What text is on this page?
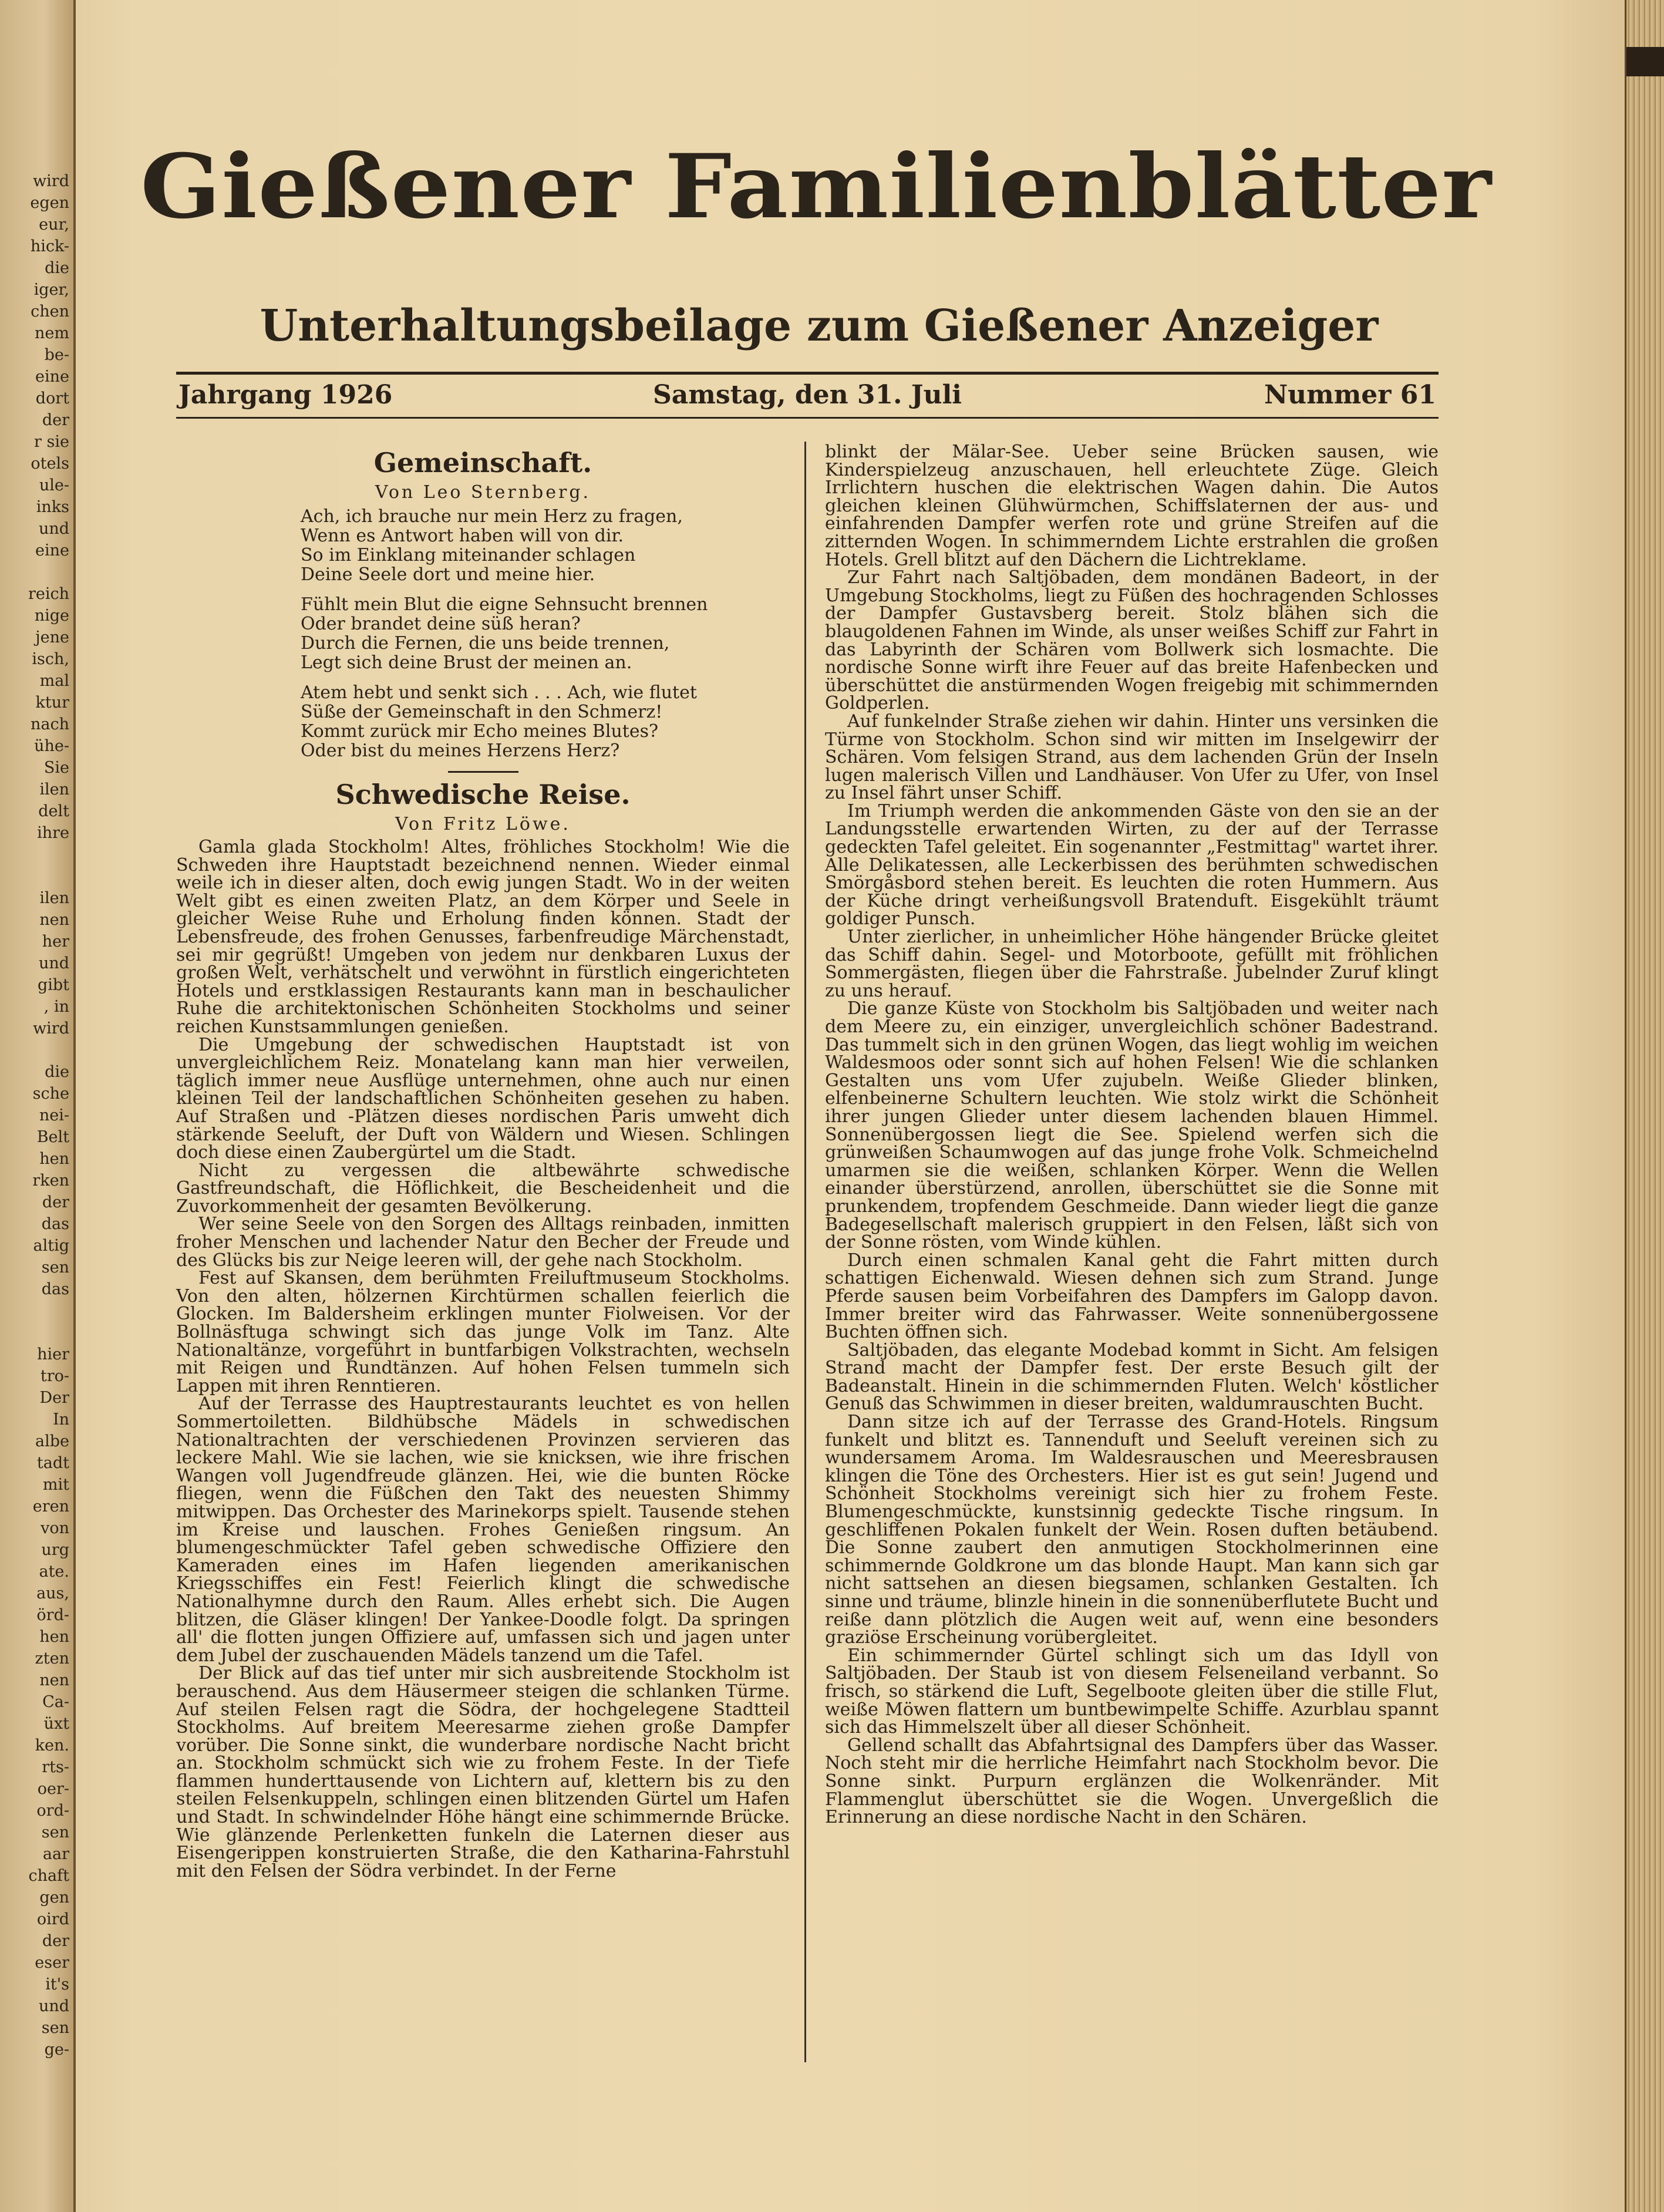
wird
egen
eur,
hick-
die
iger,
chen
nem
be-
eine
dort
der
r sie
otels
ule-
inks
und
eine
reich
nige
jene
isch,
mal
ktur
nach
ühe-
Sie
ilen
delt
ihre
ilen
nen
her
und
gibt
, in
wird
die
sche
nei-
Belt
hen
rken
der
das
altig
sen
das
hier
tro-
Der
In
albe
tadt
mit
eren
von
urg
ate.
aus,
örd-
hen
zten
nen
Ca-
üxt
ken.
rts-
oer-
ord-
sen
aar
chaft
gen
oird
der
eser
it's
und
sen
ge-
Gießener Familienblätter
Unterhaltungsbeilage zum Gießener Anzeiger
Jahrgang 1926	Samstag, den 31. Juli	Nummer 61
Gemeinschaft.
Von Leo Sternberg.
Ach, ich brauche nur mein Herz zu fragen,
Wenn es Antwort haben will von dir.
So im Einklang miteinander schlagen
Deine Seele dort und meine hier.
Fühlt mein Blut die eigne Sehnsucht brennen
Oder brandet deine süß heran?
Durch die Fernen, die uns beide trennen,
Legt sich deine Brust der meinen an.
Atem hebt und senkt sich . . . Ach, wie flutet
Süße der Gemeinschaft in den Schmerz!
Kommt zurück mir Echo meines Blutes?
Oder bist du meines Herzens Herz?
Schwedische Reise.
Von Fritz Löwe.

Gamla glada Stockholm! Altes, fröhliches Stockholm! Wie die Schweden ihre Hauptstadt bezeichnend nennen. Wieder einmal weile ich in dieser alten, doch ewig jungen Stadt. Wo in der weiten Welt gibt es einen zweiten Platz, an dem Körper und Seele in gleicher Weise Ruhe und Erholung finden können. Stadt der Lebensfreude, des frohen Genusses, farbenfreudige Märchenstadt, sei mir gegrüßt! Umgeben von jedem nur denkbaren Luxus der großen Welt, verhätschelt und verwöhnt in fürstlich eingerichteten Hotels und erstklassigen Restaurants kann man in beschaulicher Ruhe die architektonischen Schönheiten Stockholms und seiner reichen Kunstsammlungen genießen.

Die Umgebung der schwedischen Hauptstadt ist von unvergleichlichem Reiz. Monatelang kann man hier verweilen, täglich immer neue Ausflüge unternehmen, ohne auch nur einen kleinen Teil der landschaftlichen Schönheiten gesehen zu haben. Auf Straßen und -Plätzen dieses nordischen Paris umweht dich stärkende Seeluft, der Duft von Wäldern und Wiesen. Schlingen doch diese einen Zaubergürtel um die Stadt.

Nicht zu vergessen die altbewährte schwedische Gastfreundschaft, die Höflichkeit, die Bescheidenheit und die Zuvorkommenheit der gesamten Bevölkerung.

Wer seine Seele von den Sorgen des Alltags reinbaden, inmitten froher Menschen und lachender Natur den Becher der Freude und des Glücks bis zur Neige leeren will, der gehe nach Stockholm.

Fest auf Skansen, dem berühmten Freiluftmuseum Stockholms. Von den alten, hölzernen Kirchtürmen schallen feierlich die Glocken. Im Baldersheim erklingen munter Fiolweisen. Vor der Bollnäsftuga schwingt sich das junge Volk im Tanz. Alte Nationaltänze, vorgeführt in buntfarbigen Volkstrachten, wechseln mit Reigen und Rundtänzen. Auf hohen Felsen tummeln sich Lappen mit ihren Renntieren.

Auf der Terrasse des Hauptrestaurants leuchtet es von hellen Sommertoiletten. Bildhübsche Mädels in schwedischen Nationaltrachten der verschiedenen Provinzen servieren das leckere Mahl. Wie sie lachen, wie sie knicksen, wie ihre frischen Wangen voll Jugendfreude glänzen. Hei, wie die bunten Röcke fliegen, wenn die Füßchen den Takt des neuesten Shimmy mitwippen. Das Orchester des Marinekorps spielt. Tausende stehen im Kreise und lauschen. Frohes Genießen ringsum. An blumengeschmückter Tafel geben schwedische Offiziere den Kameraden eines im Hafen liegenden amerikanischen Kriegsschiffes ein Fest! Feierlich klingt die schwedische Nationalhymne durch den Raum. Alles erhebt sich. Die Augen blitzen, die Gläser klingen! Der Yankee-Doodle folgt. Da springen all' die flotten jungen Offiziere auf, umfassen sich und jagen unter dem Jubel der zuschauenden Mädels tanzend um die Tafel.

Der Blick auf das tief unter mir sich ausbreitende Stockholm ist berauschend. Aus dem Häusermeer steigen die schlanken Türme. Auf steilen Felsen ragt die Södra, der hochgelegene Stadtteil Stockholms. Auf breitem Meeresarme ziehen große Dampfer vorüber. Die Sonne sinkt, die wunderbare nordische Nacht bricht an. Stockholm schmückt sich wie zu frohem Feste. In der Tiefe flammen hunderttausende von Lichtern auf, klettern bis zu den steilen Felsenkuppeln, schlingen einen blitzenden Gürtel um Hafen und Stadt. In schwindelnder Höhe hängt eine schimmernde Brücke. Wie glänzende Perlenketten funkeln die Laternen dieser aus Eisengerippen konstruierten Straße, die den Katharina-Fahrstuhl mit den Felsen der Södra verbindet. In der Ferne

blinkt der Mälar-See. Ueber seine Brücken sausen, wie Kinderspielzeug anzuschauen, hell erleuchtete Züge. Gleich Irrlichtern huschen die elektrischen Wagen dahin. Die Autos gleichen kleinen Glühwürmchen, Schiffslaternen der aus- und einfahrenden Dampfer werfen rote und grüne Streifen auf die zitternden Wogen. In schimmerndem Lichte erstrahlen die großen Hotels. Grell blitzt auf den Dächern die Lichtreklame.

Zur Fahrt nach Saltjöbaden, dem mondänen Badeort, in der Umgebung Stockholms, liegt zu Füßen des hochragenden Schlosses der Dampfer Gustavsberg bereit. Stolz blähen sich die blaugoldenen Fahnen im Winde, als unser weißes Schiff zur Fahrt in das Labyrinth der Schären vom Bollwerk sich losmachte. Die nordische Sonne wirft ihre Feuer auf das breite Hafenbecken und überschüttet die anstürmenden Wogen freigebig mit schimmernden Goldperlen.

Auf funkelnder Straße ziehen wir dahin. Hinter uns versinken die Türme von Stockholm. Schon sind wir mitten im Inselgewirr der Schären. Vom felsigen Strand, aus dem lachenden Grün der Inseln lugen malerisch Villen und Landhäuser. Von Ufer zu Ufer, von Insel zu Insel fährt unser Schiff.

Im Triumph werden die ankommenden Gäste von den sie an der Landungsstelle erwartenden Wirten, zu der auf der Terrasse gedeckten Tafel geleitet. Ein sogenannter „Festmittag" wartet ihrer. Alle Delikatessen, alle Leckerbissen des berühmten schwedischen Smörgåsbord stehen bereit. Es leuchten die roten Hummern. Aus der Küche dringt verheißungsvoll Bratenduft. Eisgekühlt träumt goldiger Punsch.

Unter zierlicher, in unheimlicher Höhe hängender Brücke gleitet das Schiff dahin. Segel- und Motorboote, gefüllt mit fröhlichen Sommergästen, fliegen über die Fahrstraße. Jubelnder Zuruf klingt zu uns herauf.

Die ganze Küste von Stockholm bis Saltjöbaden und weiter nach dem Meere zu, ein einziger, unvergleichlich schöner Badestrand. Das tummelt sich in den grünen Wogen, das liegt wohlig im weichen Waldesmoos oder sonnt sich auf hohen Felsen! Wie die schlanken Gestalten uns vom Ufer zujubeln. Weiße Glieder blinken, elfenbeinerne Schultern leuchten. Wie stolz wirkt die Schönheit ihrer jungen Glieder unter diesem lachenden blauen Himmel. Sonnenübergossen liegt die See. Spielend werfen sich die grünweißen Schaumwogen auf das junge frohe Volk. Schmeichelnd umarmen sie die weißen, schlanken Körper. Wenn die Wellen einander überstürzend, anrollen, überschüttet sie die Sonne mit prunkendem, tropfendem Geschmeide. Dann wieder liegt die ganze Badegesellschaft malerisch gruppiert in den Felsen, läßt sich von der Sonne rösten, vom Winde kühlen.

Durch einen schmalen Kanal geht die Fahrt mitten durch schattigen Eichenwald. Wiesen dehnen sich zum Strand. Junge Pferde sausen beim Vorbeifahren des Dampfers im Galopp davon. Immer breiter wird das Fahrwasser. Weite sonnenübergossene Buchten öffnen sich.

Saltjöbaden, das elegante Modebad kommt in Sicht. Am felsigen Strand macht der Dampfer fest. Der erste Besuch gilt der Badeanstalt. Hinein in die schimmernden Fluten. Welch' köstlicher Genuß das Schwimmen in dieser breiten, waldumrauschten Bucht.

Dann sitze ich auf der Terrasse des Grand-Hotels. Ringsum funkelt und blitzt es. Tannenduft und Seeluft vereinen sich zu wundersamem Aroma. Im Waldesrauschen und Meeresbrausen klingen die Töne des Orchesters. Hier ist es gut sein! Jugend und Schönheit Stockholms vereinigt sich hier zu frohem Feste. Blumengeschmückte, kunstsinnig gedeckte Tische ringsum. In geschliffenen Pokalen funkelt der Wein. Rosen duften betäubend. Die Sonne zaubert den anmutigen Stockholmerinnen eine schimmernde Goldkrone um das blonde Haupt. Man kann sich gar nicht sattsehen an diesen biegsamen, schlanken Gestalten. Ich sinne und träume, blinzle hinein in die sonnenüberflutete Bucht und reiße dann plötzlich die Augen weit auf, wenn eine besonders graziöse Erscheinung vorübergleitet.

Ein schimmernder Gürtel schlingt sich um das Idyll von Saltjöbaden. Der Staub ist von diesem Felseneiland verbannt. So frisch, so stärkend die Luft, Segelboote gleiten über die stille Flut, weiße Möwen flattern um buntbewimpelte Schiffe. Azurblau spannt sich das Himmelszelt über all dieser Schönheit.

Gellend schallt das Abfahrtsignal des Dampfers über das Wasser. Noch steht mir die herrliche Heimfahrt nach Stockholm bevor. Die Sonne sinkt. Purpurn erglänzen die Wolkenränder. Mit Flammenglut überschüttet sie die Wogen. Unvergeßlich die Erinnerung an diese nordische Nacht in den Schären.
